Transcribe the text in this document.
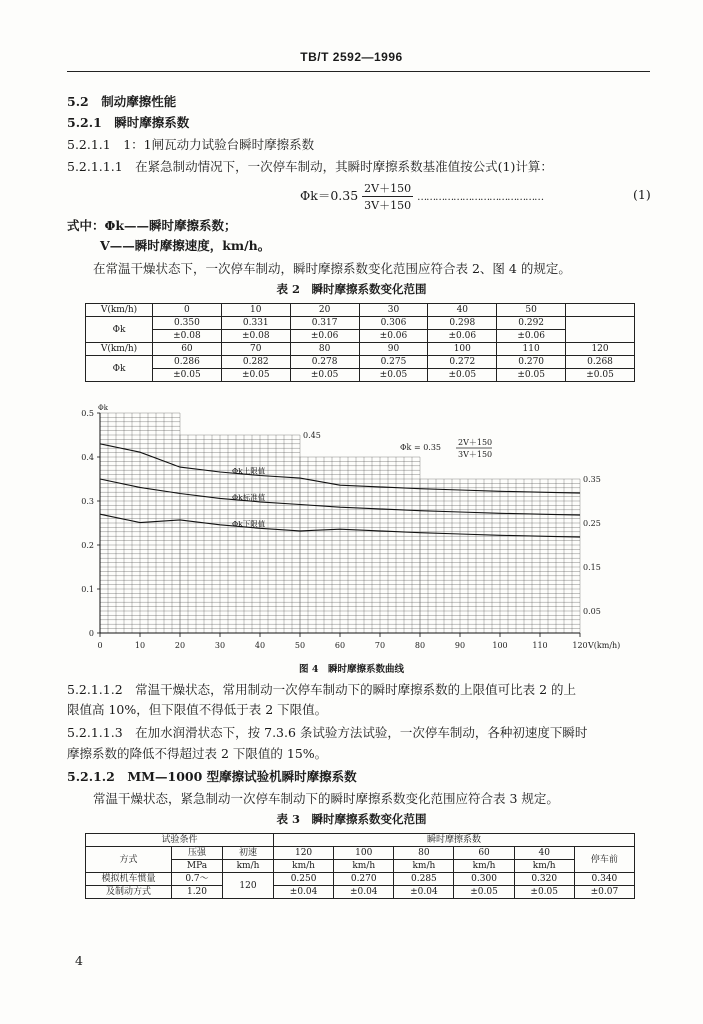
TB/T 2592—1996
5.2　制动摩擦性能
5.2.1　瞬时摩擦系数
5.2.1.1　1：1闸瓦动力试验台瞬时摩擦系数
5.2.1.1.1　在紧急制动情况下，一次停车制动，其瞬时摩擦系数基准值按公式(1)计算：
$\Phi k=0.35 \frac{2V+150}{3V+150}$ ……………………………………	(1)
式中：Φk——瞬时摩擦系数；
V——瞬时摩擦速度，km/h。
在常温干燥状态下，一次停车制动，瞬时摩擦系数变化范围应符合表 2、图 4 的规定。
表 2　瞬时摩擦系数变化范围
V(km/h)	0	10	20	30	40	50	
Φk	0.350	0.331	0.317	0.306	0.298	0.292	
	±0.08	±0.08	±0.06	±0.06	±0.06	±0.06	
V(km/h)	60	70	80	90	100	110	120
Φk	0.286	0.282	0.278	0.275	0.272	0.270	0.268
	±0.05	±0.05	±0.05	±0.05	±0.05	±0.05	±0.05
0	10	20	30	40	50	60	70	80	90	100	110	120 V(km/h)
0
0.1
0.2
0.3
0.4
0.5
Φk
0.45
0.35
0.25
0.15
0.05
Φk上限值
Φk标准值
Φk下限值
Φk = 0.35
2V＋150
3V＋150
图 4　瞬时摩擦系数曲线
5.2.1.1.2　常温干燥状态，常用制动一次停车制动下的瞬时摩擦系数的上限值可比表 2 的上
限值高 10%，但下限值不得低于表 2 下限值。
5.2.1.1.3　在加水润滑状态下，按 7.3.6 条试验方法试验，一次停车制动，各种初速度下瞬时
摩擦系数的降低不得超过表 2 下限值的 15%。
5.2.1.2　MM—1000 型摩擦试验机瞬时摩擦系数
常温干燥状态，紧急制动一次停车制动下的瞬时摩擦系数变化范围应符合表 3 规定。
表 3　瞬时摩擦系数变化范围
试验条件			瞬时摩擦系数					
方式	压强	初速	120	100	80	60	40	停车前
	MPa	km/h	km/h	km/h	km/h	km/h	km/h	
模拟机车惯量	0.7～	120	0.250	0.270	0.285	0.300	0.320	0.340
及制动方式	1.20		±0.04	±0.04	±0.04	±0.05	±0.05	±0.07
4
